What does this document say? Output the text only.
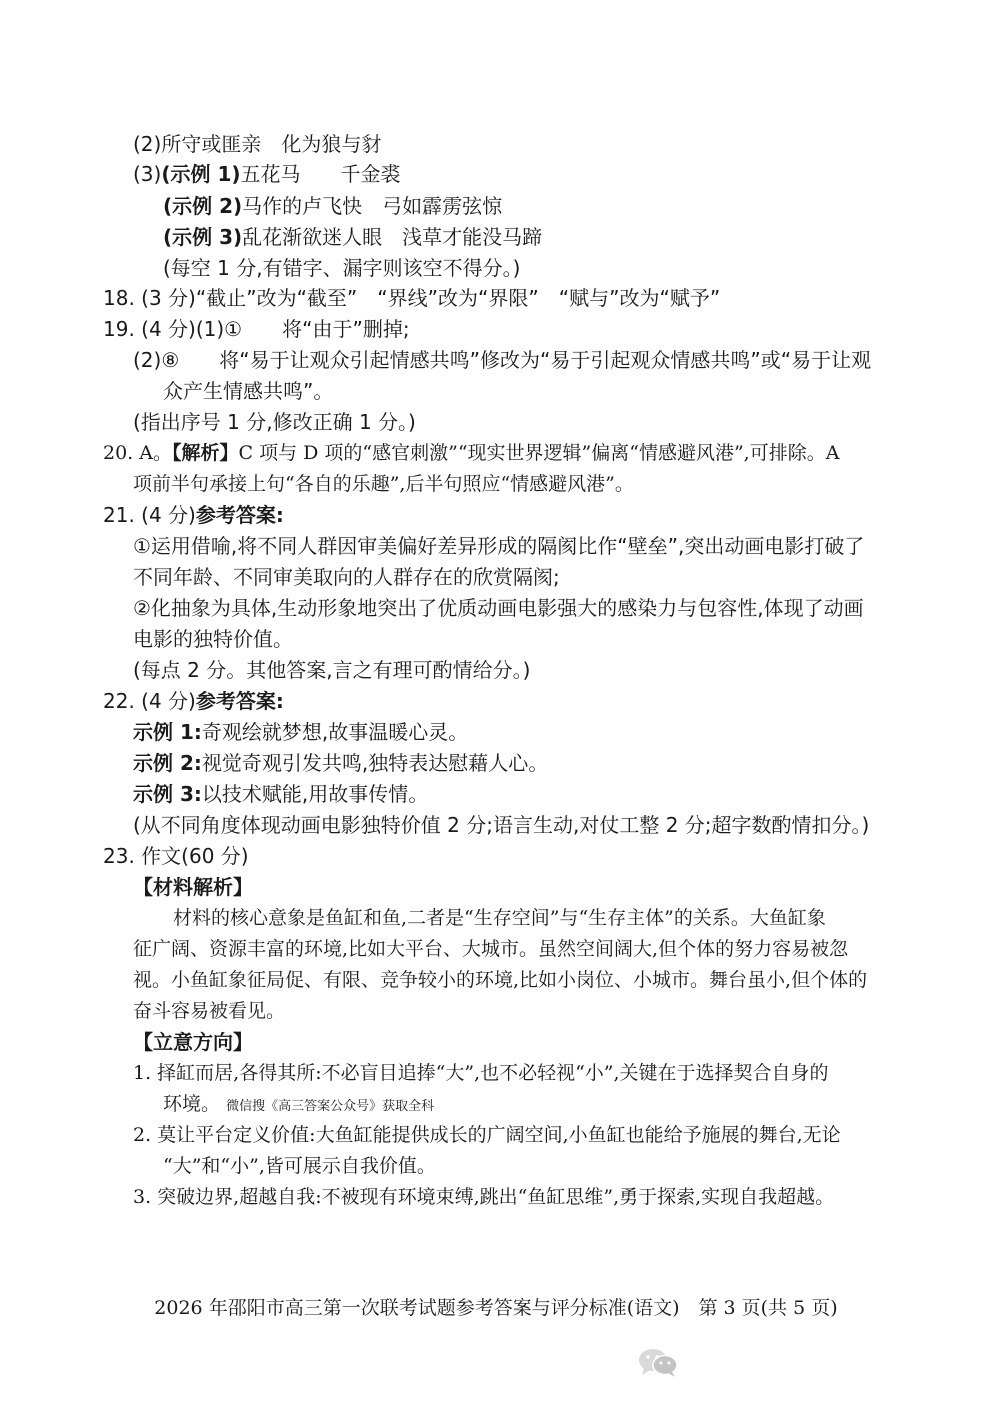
(2)所守或匪亲　化为狼与豺
(3)(示例 1)五花马　　千金裘
(示例 2)马作的卢飞快　弓如霹雳弦惊
(示例 3)乱花渐欲迷人眼　浅草才能没马蹄
(每空 1 分,有错字、漏字则该空不得分。)
18. (3 分)“截止”改为“截至”　“界线”改为“界限”　“赋与”改为“赋予”
19. (4 分)(1)①　　将“由于”删掉;
(2)⑧　　将“易于让观众引起情感共鸣”修改为“易于引起观众情感共鸣”或“易于让观
众产生情感共鸣”。
(指出序号 1 分,修改正确 1 分。)
20. A。【解析】C 项与 D 项的“感官刺激”“现实世界逻辑”偏离“情感避风港”,可排除。A
项前半句承接上句“各自的乐趣”,后半句照应“情感避风港”。
21. (4 分)参考答案:
①运用借喻,将不同人群因审美偏好差异形成的隔阂比作“壁垒”,突出动画电影打破了
不同年龄、不同审美取向的人群存在的欣赏隔阂;
②化抽象为具体,生动形象地突出了优质动画电影强大的感染力与包容性,体现了动画
电影的独特价值。
(每点 2 分。其他答案,言之有理可酌情给分。)
22. (4 分)参考答案:
示例 1:奇观绘就梦想,故事温暖心灵。
示例 2:视觉奇观引发共鸣,独特表达慰藉人心。
示例 3:以技术赋能,用故事传情。
(从不同角度体现动画电影独特价值 2 分;语言生动,对仗工整 2 分;超字数酌情扣分。)
23. 作文(60 分)
【材料解析】
材料的核心意象是鱼缸和鱼,二者是“生存空间”与“生存主体”的关系。大鱼缸象
征广阔、资源丰富的环境,比如大平台、大城市。虽然空间阔大,但个体的努力容易被忽
视。小鱼缸象征局促、有限、竞争较小的环境,比如小岗位、小城市。舞台虽小,但个体的
奋斗容易被看见。
【立意方向】
1. 择缸而居,各得其所:不必盲目追捧“大”,也不必轻视“小”,关键在于选择契合自身的
环境。 微信搜《高三答案公众号》获取全科
2. 莫让平台定义价值:大鱼缸能提供成长的广阔空间,小鱼缸也能给予施展的舞台,无论
“大”和“小”,皆可展示自我价值。
3. 突破边界,超越自我:不被现有环境束缚,跳出“鱼缸思维”,勇于探索,实现自我超越。
2026 年邵阳市高三第一次联考试题参考答案与评分标准(语文)　第 3 页(共 5 页)
